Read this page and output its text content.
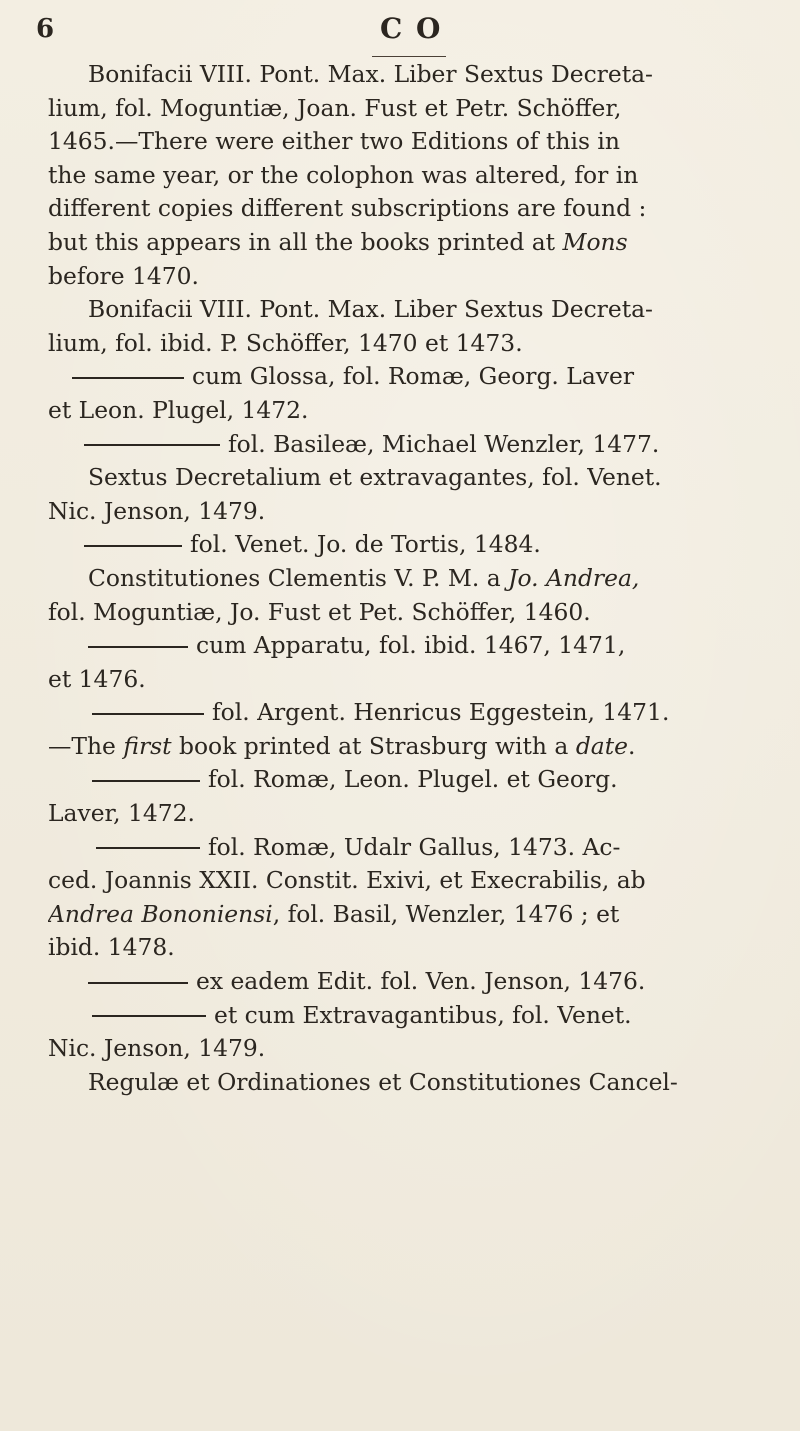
6	C O
Bonifacii VIII. Pont. Max. Liber Sextus Decreta-
lium, fol. Moguntiæ, Joan. Fust et Petr. Schöffer,
1465.—There were either two Editions of this in
the same year, or the colophon was altered, for in
different copies different subscriptions are found :
but this appears in all the books printed at Mons
before 1470.
Bonifacii VIII. Pont. Max. Liber Sextus Decreta-
lium, fol. ibid. P. Schöffer, 1470 et 1473.
cum Glossa, fol. Romæ, Georg. Laver
et Leon. Plugel, 1472.
fol. Basileæ, Michael Wenzler, 1477.
Sextus Decretalium et extravagantes, fol. Venet.
Nic. Jenson, 1479.
fol. Venet. Jo. de Tortis, 1484.
Constitutiones Clementis V. P. M. a Jo. Andrea,
fol. Moguntiæ, Jo. Fust et Pet. Schöffer, 1460.
cum Apparatu, fol. ibid. 1467, 1471,
et 1476.
fol. Argent. Henricus Eggestein, 1471.
—The first book printed at Strasburg with a date.
fol. Romæ, Leon. Plugel. et Georg.
Laver, 1472.
fol. Romæ, Udalr Gallus, 1473. Ac-
ced. Joannis XXII. Constit. Exivi, et Execrabilis, ab
Andrea Bononiensi, fol. Basil, Wenzler, 1476 ; et
ibid. 1478.
ex eadem Edit. fol. Ven. Jenson, 1476.
et cum Extravagantibus, fol. Venet.
Nic. Jenson, 1479.
Regulæ et Ordinationes et Constitutiones Cancel-
